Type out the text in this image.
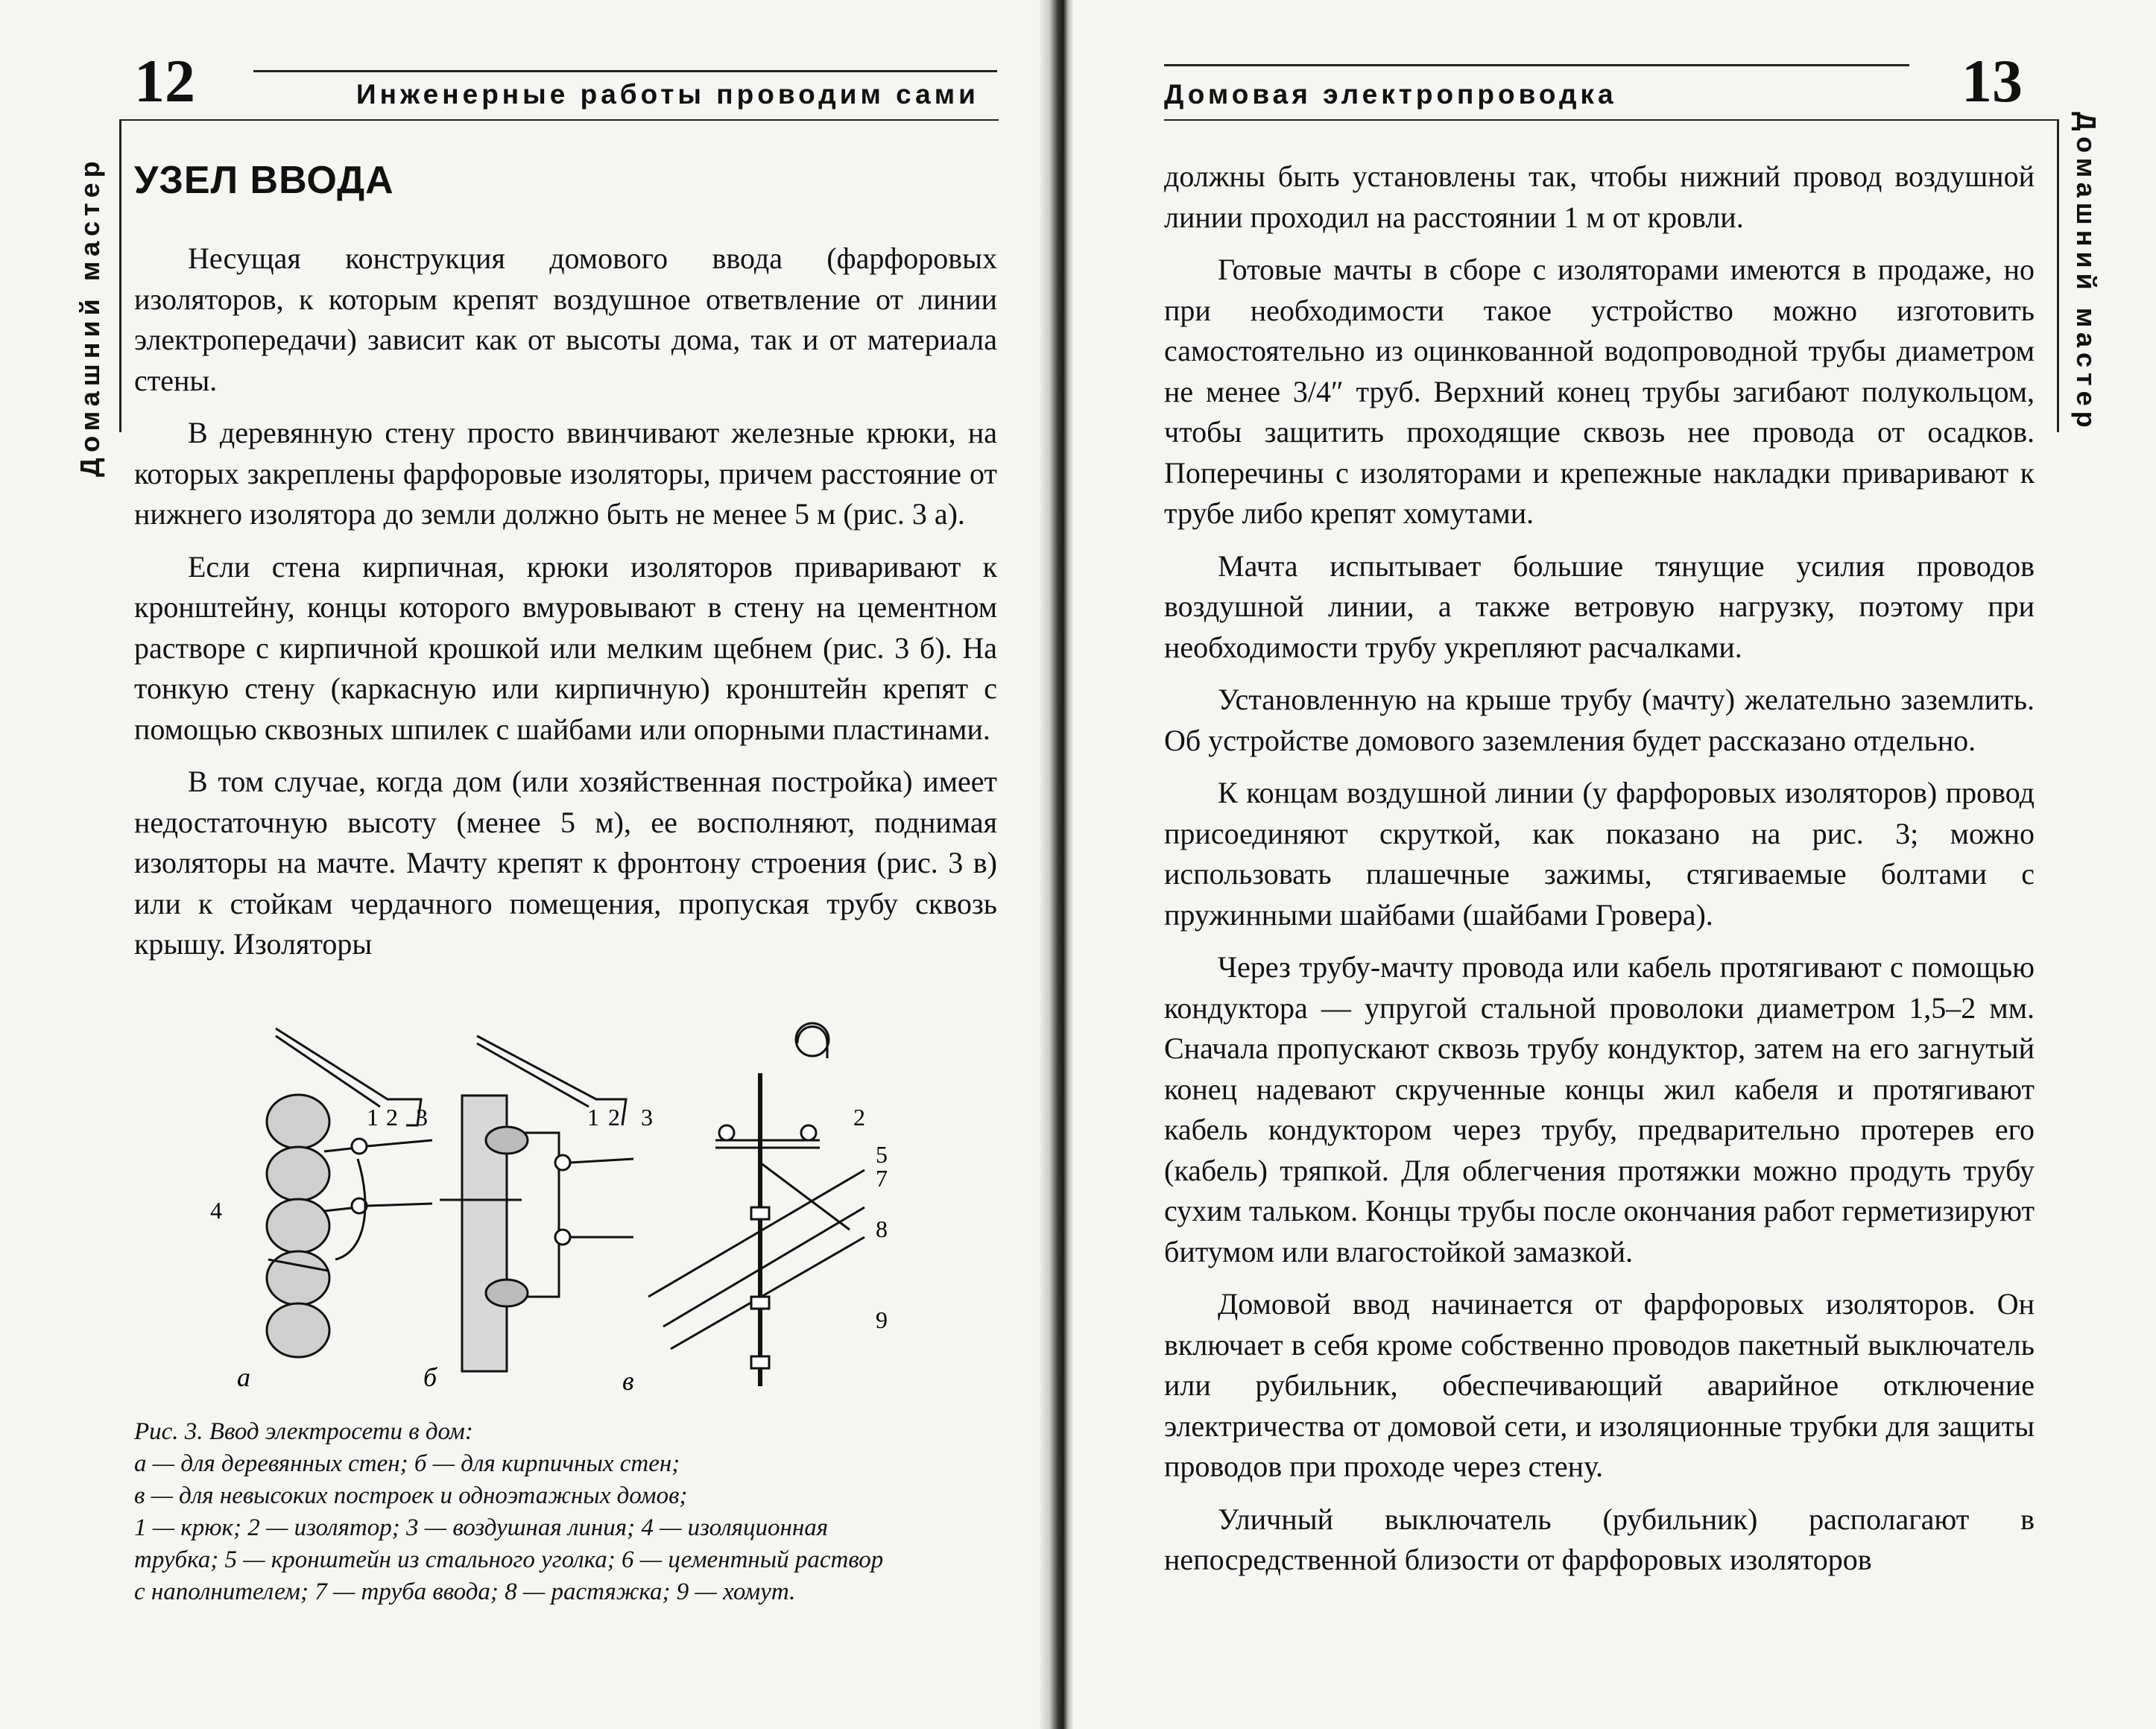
12	Инженерные работы проводим сами
Домашний мастер УЗЕЛ ВВОДА

Несущая конструкция домового ввода (фарфоровых изоляторов, к которым крепят воздушное ответвление от линии электропередачи) зависит как от высоты дома, так и от материала стены.

В деревянную стену просто ввинчивают железные крюки, на которых закреплены фарфоровые изоляторы, причем расстояние от нижнего изолятора до земли должно быть не менее 5 м (рис. 3 а).

Если стена кирпичная, крюки изоляторов приваривают к кронштейну, концы которого вмуровывают в стену на цементном растворе с кирпичной крошкой или мелким щебнем (рис. 3 б). На тонкую стену (каркасную или кирпичную) кронштейн крепят с помощью сквозных шпилек с шайбами или опорными пластинами.

В том случае, когда дом (или хозяйственная постройка) имеет недостаточную высоту (менее 5 м), ее восполняют, поднимая изоляторы на мачте. Мачту крепят к фронтону строения (рис. 3 в) или к стойкам чердачного помещения, пропуская трубу сквозь крышу. Изоляторы

1 2 3
4
1 2 3	2
5
7
8
9
а	б	в
Рис. 3. Ввод электросети в дом:
а — для деревянных стен; б — для кирпичных стен;
в — для невысоких построек и одноэтажных домов;
1 — крюк; 2 — изолятор; 3 — воздушная линия; 4 — изоляционная
трубка; 5 — кронштейн из стального уголка; 6 — цементный раствор
с наполнителем; 7 — труба ввода; 8 — растяжка; 9 — хомут.
13
Домовая электропроводка
Домашний мастер

должны быть установлены так, чтобы нижний провод воздушной линии проходил на расстоянии 1 м от кровли.

Готовые мачты в сборе с изоляторами имеются в продаже, но при необходимости такое устройство можно изготовить самостоятельно из оцинкованной водопроводной трубы диаметром не менее 3/4″ труб. Верхний конец трубы загибают полукольцом, чтобы защитить проходящие сквозь нее провода от осадков. Поперечины с изоляторами и крепежные накладки приваривают к трубе либо крепят хомутами.

Мачта испытывает большие тянущие усилия проводов воздушной линии, а также ветровую нагрузку, поэтому при необходимости трубу укрепляют расчалками.

Установленную на крыше трубу (мачту) желательно заземлить. Об устройстве домового заземления будет рассказано отдельно.

К концам воздушной линии (у фарфоровых изоляторов) провод присоединяют скруткой, как показано на рис. 3; можно использовать плашечные зажимы, стягиваемые болтами с пружинными шайбами (шайбами Гровера).

Через трубу-мачту провода или кабель протягивают с помощью кондуктора — упругой стальной проволоки диаметром 1,5–2 мм. Сначала пропускают сквозь трубу кондуктор, затем на его загнутый конец надевают скрученные концы жил кабеля и протягивают кабель кондуктором через трубу, предварительно протерев его (кабель) тряпкой. Для облегчения протяжки можно продуть трубу сухим тальком. Концы трубы после окончания работ герметизируют битумом или влагостойкой замазкой.

Домовой ввод начинается от фарфоровых изоляторов. Он включает в себя кроме собственно проводов пакетный выключатель или рубильник, обеспечивающий аварийное отключение электричества от домовой сети, и изоляционные трубки для защиты проводов при проходе через стену.

Уличный выключатель (рубильник) располагают в непосредственной близости от фарфоровых изоляторов
